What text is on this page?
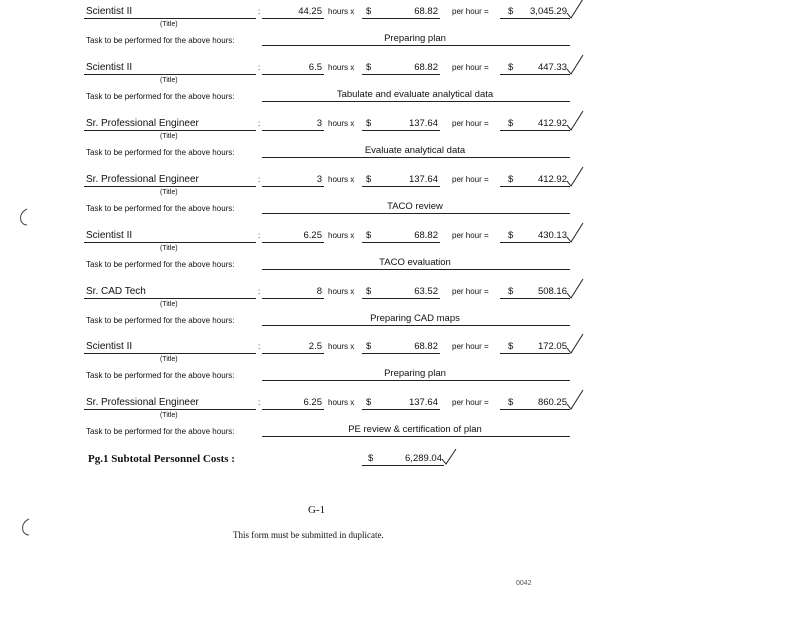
Scientist II	:
(Title)
44.25 hours x $	68.82 per hour = $	3,045.29
Task to be performed for the above hours:	Preparing plan
Scientist II	:
(Title)
6.5 hours x $	68.82 per hour = $	447.33
Task to be performed for the above hours:	Tabulate and evaluate analytical data
Sr. Professional Engineer	:
(Title)
3 hours x $	137.64 per hour = $	412.92
Task to be performed for the above hours:	Evaluate analytical data
Sr. Professional Engineer	:
(Title)
3 hours x $	137.64 per hour = $	412.92
Task to be performed for the above hours:	TACO review
Scientist II	:
(Title)
6.25 hours x $	68.82 per hour = $	430.13
Task to be performed for the above hours:	TACO evaluation
Sr. CAD Tech	:
(Title)
8 hours x $	63.52 per hour = $	508.16
Task to be performed for the above hours:	Preparing CAD maps
Scientist II	:
(Title)
2.5 hours x $	68.82 per hour = $	172.05
Task to be performed for the above hours:	Preparing plan
Sr. Professional Engineer	:
(Title)
6.25 hours x $	137.64 per hour = $	860.25
Task to be performed for the above hours:	PE review & certification of plan
Pg.1 Subtotal Personnel Costs :	$	6,289.04
G-1
This form must be submitted in duplicate.
0042
